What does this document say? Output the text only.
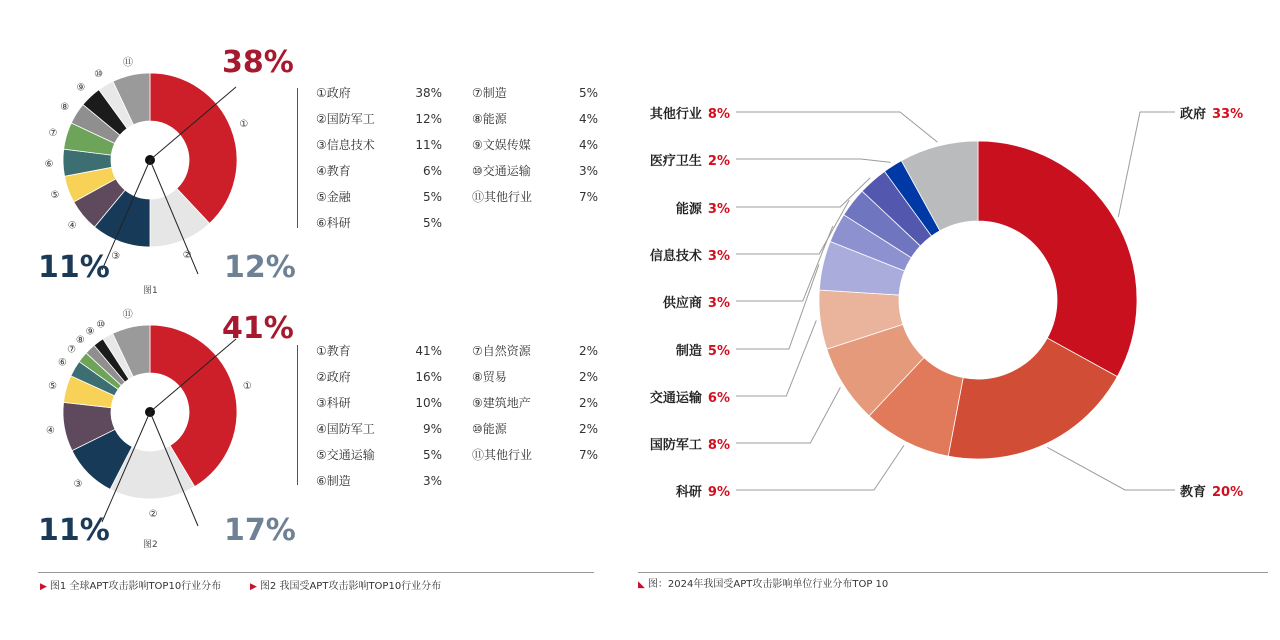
①
②
③
④
⑤
⑥
⑦
⑧
⑨
⑩
⑪
①
②
③
④
⑤
⑥
⑦
⑧
⑨
⑩
⑪
38%
12%
11%
41%
17%
11%
图1
图2
①政府	38%
②国防军工	12%
③信息技术	11%
④教育	6%
⑤金融	5%
⑥科研	5%
⑦制造	5%
⑧能源	4%
⑨文娱传媒	4%
⑩交通运输	3%
⑪其他行业	7%
①教育	41%
②政府	16%
③科研	10%
④国防军工	9%
⑤交通运输	5%
⑥制造	3%
⑦自然资源	2%
⑧贸易	2%
⑨建筑地产	2%
⑩能源	2%
⑪其他行业	7%
▶ 图1 全球APT攻击影响TOP10行业分布	▶ 图2 我国受APT攻击影响TOP10行业分布	◣ 图：2024年我国受APT攻击影响单位行业分布TOP 10
政府 33%
教育 20%
科研 9%
国防军工 8%
交通运输 6%
制造 5%
供应商 3%
信息技术 3%
能源 3%
医疗卫生 2%
其他行业 8%
